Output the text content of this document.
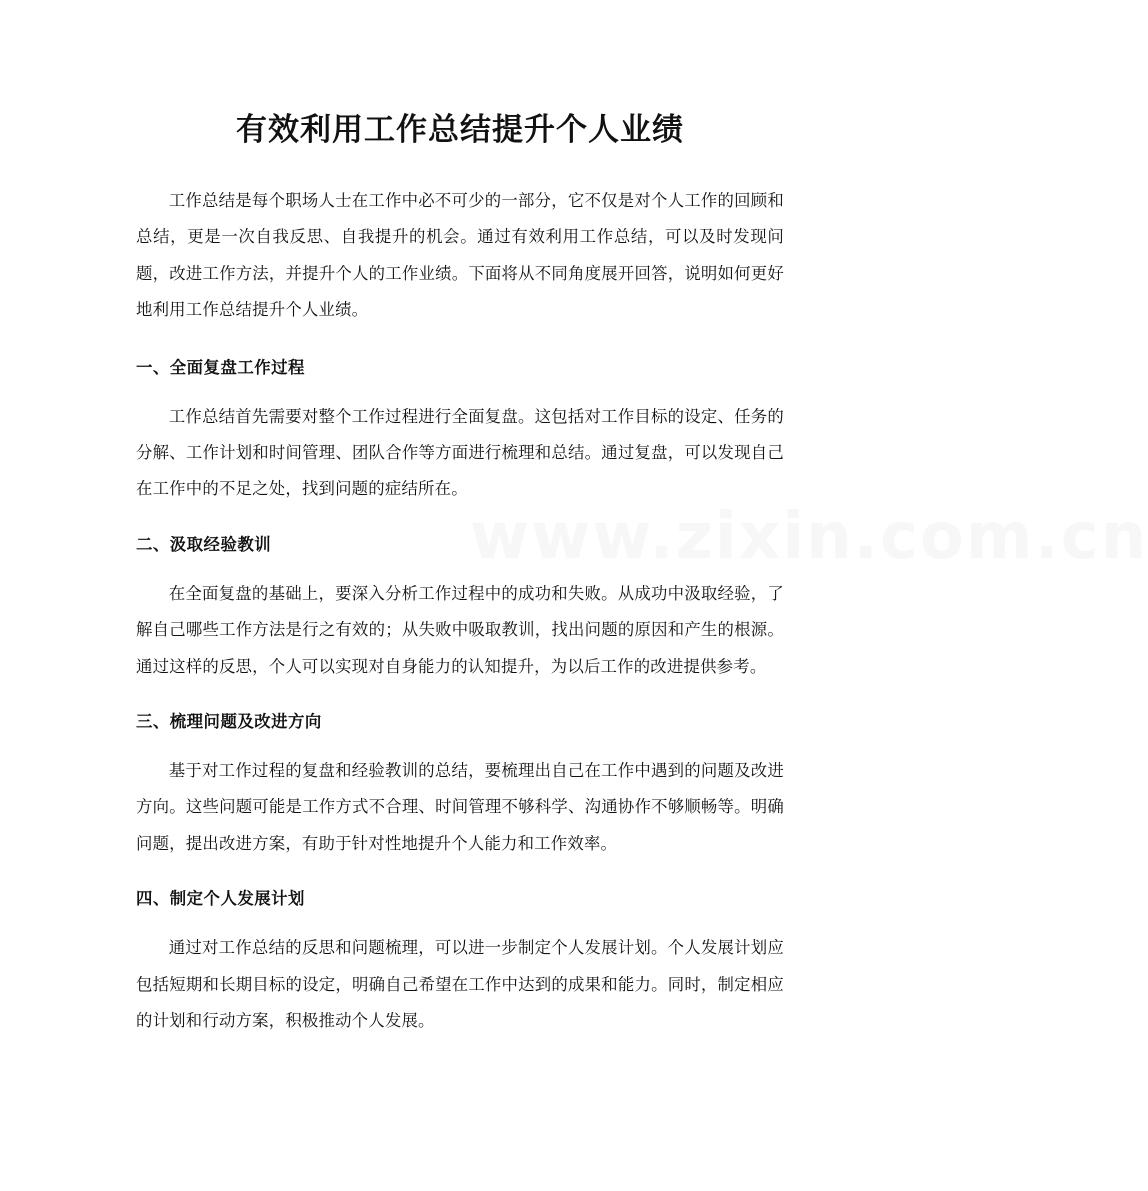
www.zixin.com.cn
有效利用工作总结提升个人业绩

工作总结是每个职场人士在工作中必不可少的一部分，它不仅是对个人工作的回顾和总结，更是一次自我反思、自我提升的机会。通过有效利用工作总结，可以及时发现问题，改进工作方法，并提升个人的工作业绩。下面将从不同角度展开回答，说明如何更好地利用工作总结提升个人业绩。

一、全面复盘工作过程

工作总结首先需要对整个工作过程进行全面复盘。这包括对工作目标的设定、任务的分解、工作计划和时间管理、团队合作等方面进行梳理和总结。通过复盘，可以发现自己在工作中的不足之处，找到问题的症结所在。

二、汲取经验教训

在全面复盘的基础上，要深入分析工作过程中的成功和失败。从成功中汲取经验，了解自己哪些工作方法是行之有效的；从失败中吸取教训，找出问题的原因和产生的根源。通过这样的反思，个人可以实现对自身能力的认知提升，为以后工作的改进提供参考。

三、梳理问题及改进方向

基于对工作过程的复盘和经验教训的总结，要梳理出自己在工作中遇到的问题及改进方向。这些问题可能是工作方式不合理、时间管理不够科学、沟通协作不够顺畅等。明确问题，提出改进方案，有助于针对性地提升个人能力和工作效率。

四、制定个人发展计划

通过对工作总结的反思和问题梳理，可以进一步制定个人发展计划。个人发展计划应包括短期和长期目标的设定，明确自己希望在工作中达到的成果和能力。同时，制定相应的计划和行动方案，积极推动个人发展。
